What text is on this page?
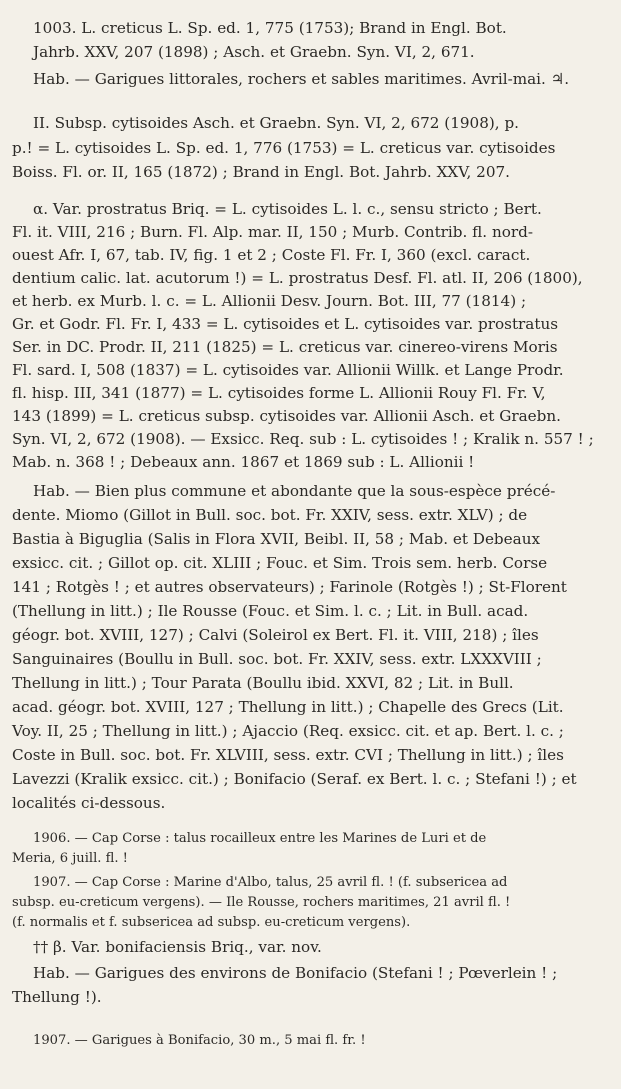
1003. L. creticus L. Sp. ed. 1, 775 (1753); Brand in Engl. Bot.
Jahrb. XXV, 207 (1898) ; Asch. et Graebn. Syn. VI, 2, 671.
Hab. — Garigues littorales, rochers et sables maritimes. Avril-mai. ♃.
II. Subsp. cytisoides Asch. et Graebn. Syn. VI, 2, 672 (1908), p.
p.! = L. cytisoides L. Sp. ed. 1, 776 (1753) = L. creticus var. cytisoides
Boiss. Fl. or. II, 165 (1872) ; Brand in Engl. Bot. Jahrb. XXV, 207.
α. Var. prostratus Briq. = L. cytisoides L. l. c., sensu stricto ; Bert.
Fl. it. VIII, 216 ; Burn. Fl. Alp. mar. II, 150 ; Murb. Contrib. fl. nord-
ouest Afr. I, 67, tab. IV, fig. 1 et 2 ; Coste Fl. Fr. I, 360 (excl. caract.
dentium calic. lat. acutorum !) = L. prostratus Desf. Fl. atl. II, 206 (1800),
et herb. ex Murb. l. c. = L. Allionii Desv. Journ. Bot. III, 77 (1814) ;
Gr. et Godr. Fl. Fr. I, 433 = L. cytisoides et L. cytisoides var. prostratus
Ser. in DC. Prodr. II, 211 (1825) = L. creticus var. cinereo-virens Moris
Fl. sard. I, 508 (1837) = L. cytisoides var. Allionii Willk. et Lange Prodr.
fl. hisp. III, 341 (1877) = L. cytisoides forme L. Allionii Rouy Fl. Fr. V,
143 (1899) = L. creticus subsp. cytisoides var. Allionii Asch. et Graebn.
Syn. VI, 2, 672 (1908). — Exsicc. Req. sub : L. cytisoides ! ; Kralik n. 557 ! ;
Mab. n. 368 ! ; Debeaux ann. 1867 et 1869 sub : L. Allionii !
Hab. — Bien plus commune et abondante que la sous-espèce précé-
dente. Miomo (Gillot in Bull. soc. bot. Fr. XXIV, sess. extr. XLV) ; de
Bastia à Biguglia (Salis in Flora XVII, Beibl. II, 58 ; Mab. et Debeaux
exsicc. cit. ; Gillot op. cit. XLIII ; Fouc. et Sim. Trois sem. herb. Corse
141 ; Rotgès ! ; et autres observateurs) ; Farinole (Rotgès !) ; St-Florent
(Thellung in litt.) ; Ile Rousse (Fouc. et Sim. l. c. ; Lit. in Bull. acad.
géogr. bot. XVIII, 127) ; Calvi (Soleirol ex Bert. Fl. it. VIII, 218) ; îles
Sanguinaires (Boullu in Bull. soc. bot. Fr. XXIV, sess. extr. LXXXVIII ;
Thellung in litt.) ; Tour Parata (Boullu ibid. XXVI, 82 ; Lit. in Bull.
acad. géogr. bot. XVIII, 127 ; Thellung in litt.) ; Chapelle des Grecs (Lit.
Voy. II, 25 ; Thellung in litt.) ; Ajaccio (Req. exsicc. cit. et ap. Bert. l. c. ;
Coste in Bull. soc. bot. Fr. XLVIII, sess. extr. CVI ; Thellung in litt.) ; îles
Lavezzi (Kralik exsicc. cit.) ; Bonifacio (Seraf. ex Bert. l. c. ; Stefani !) ; et
localités ci-dessous.
1906. — Cap Corse : talus rocailleux entre les Marines de Luri et de
Meria, 6 juill. fl. !
1907. — Cap Corse : Marine d'Albo, talus, 25 avril fl. ! (f. subsericea ad
subsp. eu-creticum vergens). — Ile Rousse, rochers maritimes, 21 avril fl. !
(f. normalis et f. subsericea ad subsp. eu-creticum vergens).
†† β. Var. bonifaciensis Briq., var. nov.
Hab. — Garigues des environs de Bonifacio (Stefani ! ; Pœverlein ! ;
Thellung !).
1907. — Garigues à Bonifacio, 30 m., 5 mai fl. fr. !
